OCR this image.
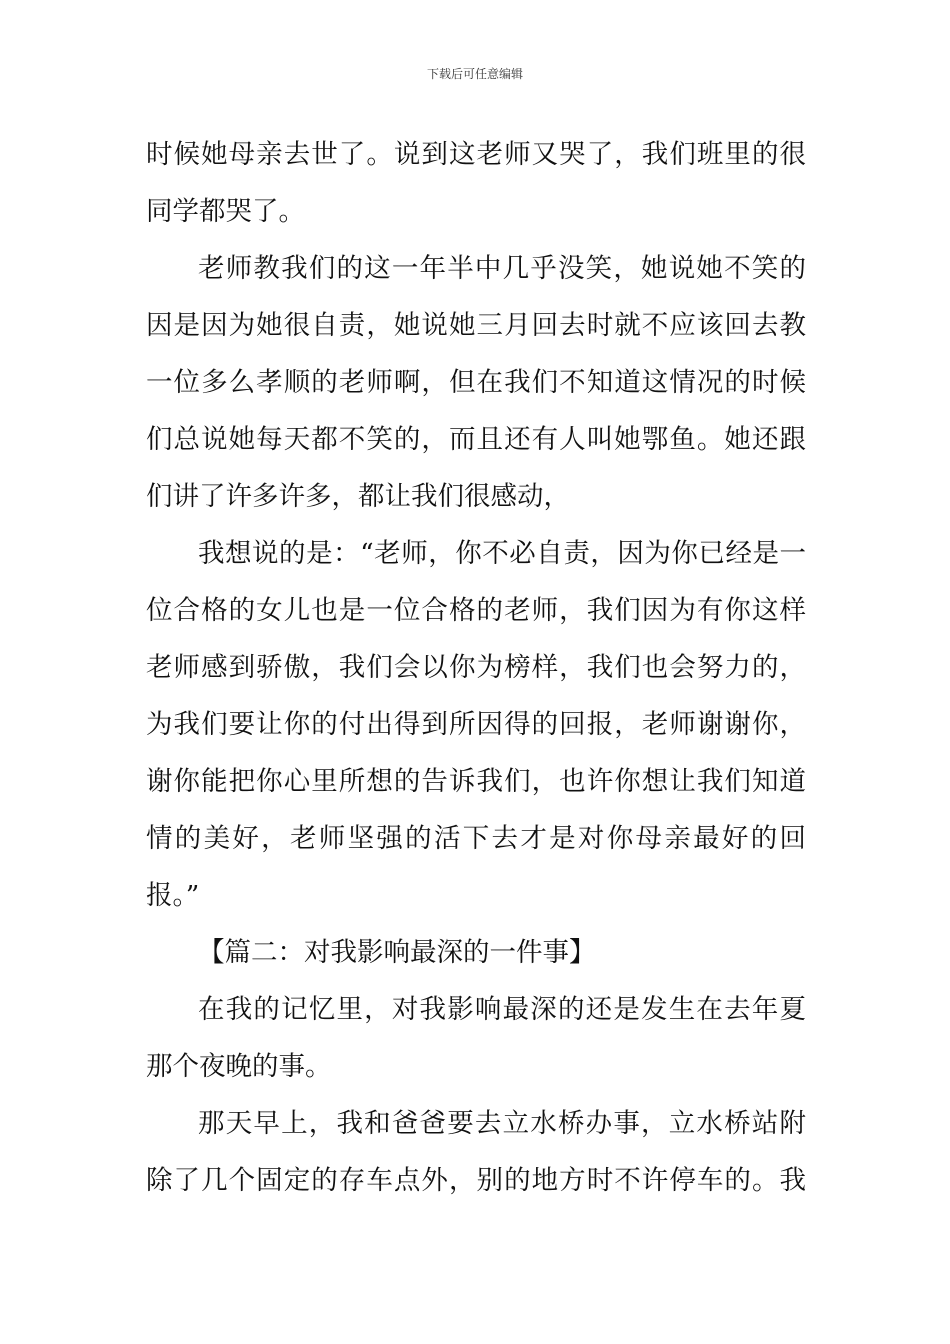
下载后可任意编辑
时候她母亲去世了。说到这老师又哭了，我们班里的很
同学都哭了。
老师教我们的这一年半中几乎没笑，她说她不笑的
因是因为她很自责，她说她三月回去时就不应该回去教
一位多么孝顺的老师啊，但在我们不知道这情况的时候
们总说她每天都不笑的，而且还有人叫她鄂鱼。她还跟
们讲了许多许多，都让我们很感动，
我想说的是：“老师，你不必自责，因为你已经是一
位合格的女儿也是一位合格的老师，我们因为有你这样
老师感到骄傲，我们会以你为榜样，我们也会努力的，
为我们要让你的付出得到所因得的回报，老师谢谢你，
谢你能把你心里所想的告诉我们，也许你想让我们知道
情的美好，老师坚强的活下去才是对你母亲最好的回
报。”
【篇二：对我影响最深的一件事】
在我的记忆里，对我影响最深的还是发生在去年夏
那个夜晚的事。
那天早上，我和爸爸要去立水桥办事，立水桥站附
除了几个固定的存车点外，别的地方时不许停车的。我
